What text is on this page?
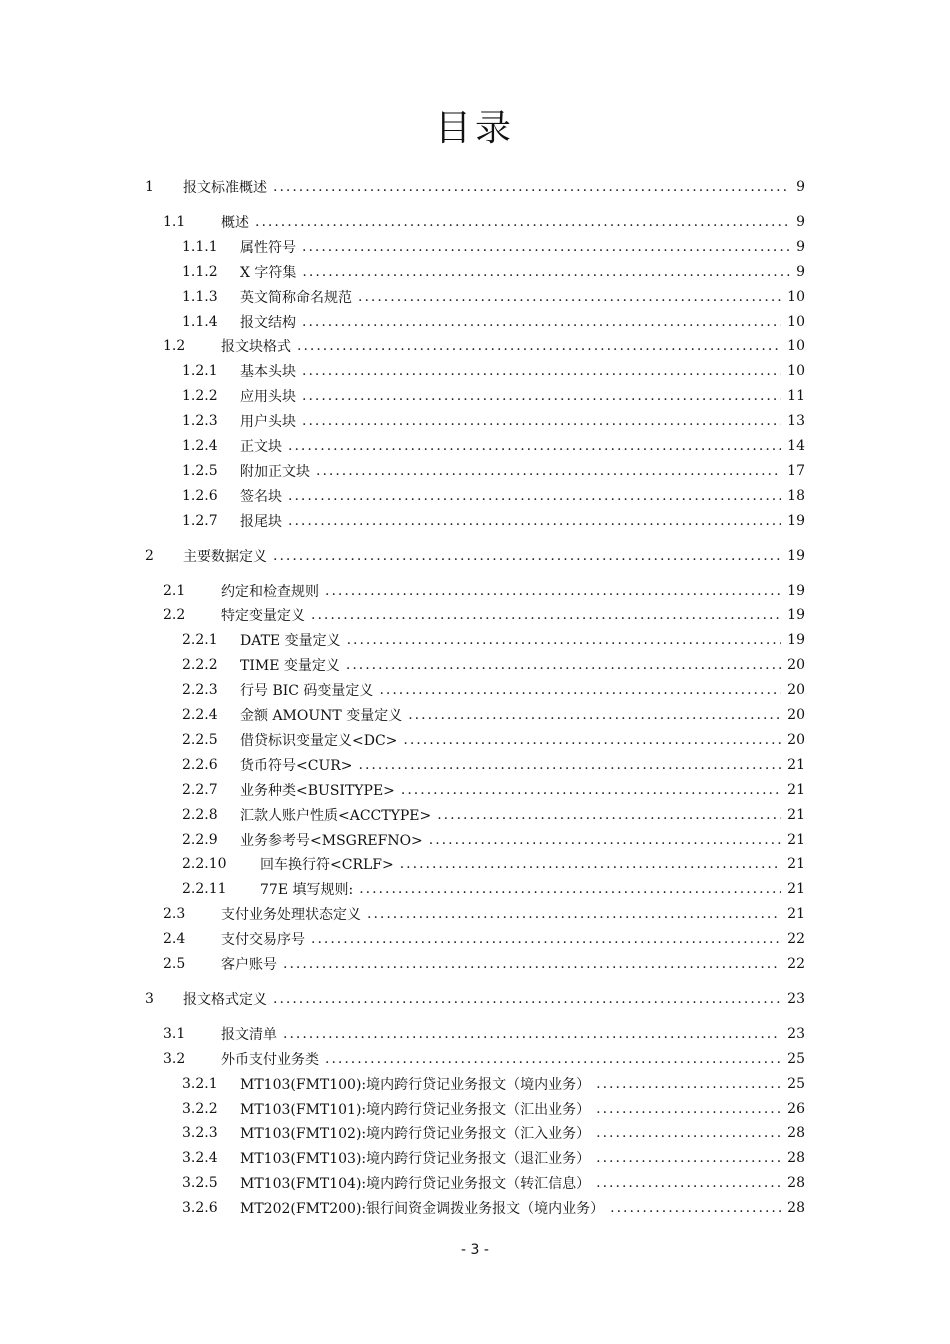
目录
1	报文标准概述 .....	9
1.1	概述 .....	9
1.1.1	属性符号 .....	9
1.1.2	X 字符集 .....	9
1.1.3	英文简称命名规范 .....	10
1.1.4	报文结构 .....	10
1.2	报文块格式 .....	10
1.2.1	基本头块 .....	10
1.2.2	应用头块 .....	11
1.2.3	用户头块 .....	13
1.2.4	正文块 .....	14
1.2.5	附加正文块 .....	17
1.2.6	签名块 .....	18
1.2.7	报尾块 .....	19
2	主要数据定义 .....	19
2.1	约定和检查规则 .....	19
2.2	特定变量定义 .....	19
2.2.1	DATE 变量定义 .....	19
2.2.2	TIME 变量定义 .....	20
2.2.3	行号 BIC 码变量定义 .....	20
2.2.4	金额 AMOUNT 变量定义 .....	20
2.2.5	借贷标识变量定义<DC> .....	20
2.2.6	货币符号<CUR> .....	21
2.2.7	业务种类<BUSITYPE> .....	21
2.2.8	汇款人账户性质<ACCTYPE> .....	21
2.2.9	业务参考号<MSGREFNO> .....	21
2.2.10	回车换行符<CRLF> .....	21
2.2.11	77E 填写规则: .....	21
2.3	支付业务处理状态定义 .....	21
2.4	支付交易序号 .....	22
2.5	客户账号 .....	22
3	报文格式定义 .....	23
3.1	报文清单 .....	23
3.2	外币支付业务类 .....	25
3.2.1	MT103(FMT100):境内跨行贷记业务报文（境内业务） .....	25
3.2.2	MT103(FMT101):境内跨行贷记业务报文（汇出业务） .....	26
3.2.3	MT103(FMT102):境内跨行贷记业务报文（汇入业务） .....	28
3.2.4	MT103(FMT103):境内跨行贷记业务报文（退汇业务） .....	28
3.2.5	MT103(FMT104):境内跨行贷记业务报文（转汇信息） .....	28
3.2.6	MT202(FMT200):银行间资金调拨业务报文（境内业务） .....	28
- 3 -
